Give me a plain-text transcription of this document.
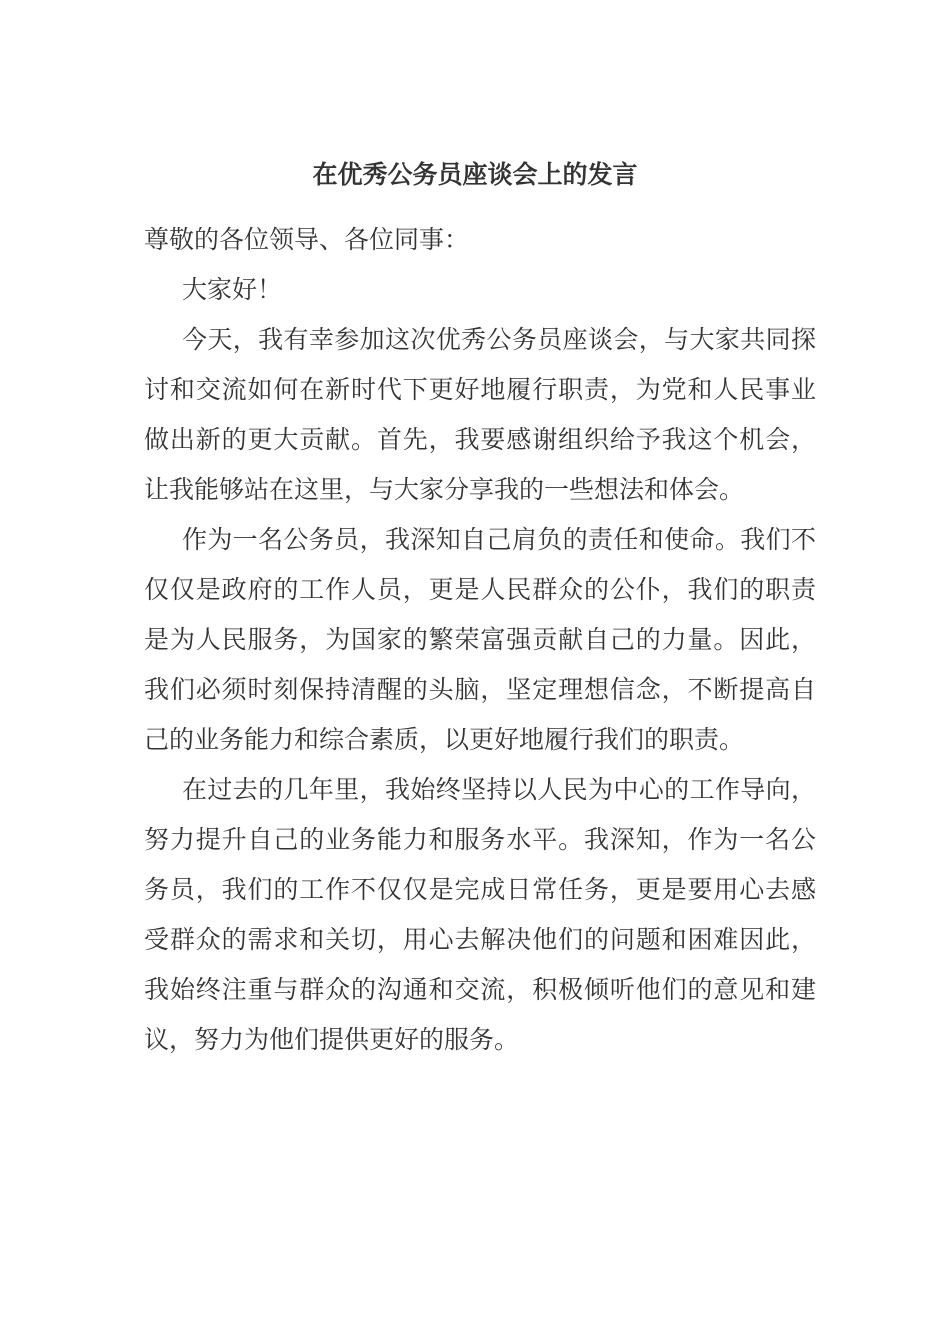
在优秀公务员座谈会上的发言

尊敬的各位领导、各位同事：

大家好！

今天，我有幸参加这次优秀公务员座谈会，与大家共同探讨和交流如何在新时代下更好地履行职责，为党和人民事业做出新的更大贡献。首先，我要感谢组织给予我这个机会，让我能够站在这里，与大家分享我的一些想法和体会。

作为一名公务员，我深知自己肩负的责任和使命。我们不仅仅是政府的工作人员，更是人民群众的公仆，我们的职责是为人民服务，为国家的繁荣富强贡献自己的力量。因此，我们必须时刻保持清醒的头脑，坚定理想信念，不断提高自己的业务能力和综合素质，以更好地履行我们的职责。

在过去的几年里，我始终坚持以人民为中心的工作导向，努力提升自己的业务能力和服务水平。我深知，作为一名公务员，我们的工作不仅仅是完成日常任务，更是要用心去感受群众的需求和关切，用心去解决他们的问题和困难因此，我始终注重与群众的沟通和交流，积极倾听他们的意见和建议，努力为他们提供更好的服务。
